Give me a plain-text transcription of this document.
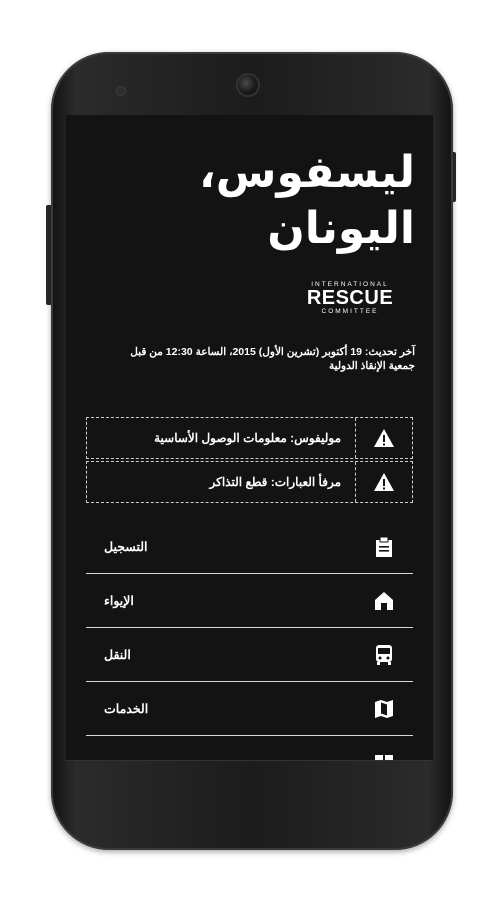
ليسفوس،
اليونان
INTERNATIONAL
RESCUE
COMMITTEE
آخر تحديث: 19 أكتوبر (تشرين الأول) 2015، الساعة 12:30 من قبل
جمعية الإنقاذ الدولية
موليفوس: معلومات الوصول الأساسية
مرفأ العبارات: قطع التذاكر
التسجيل
الإيواء
النقل
الخدمات
